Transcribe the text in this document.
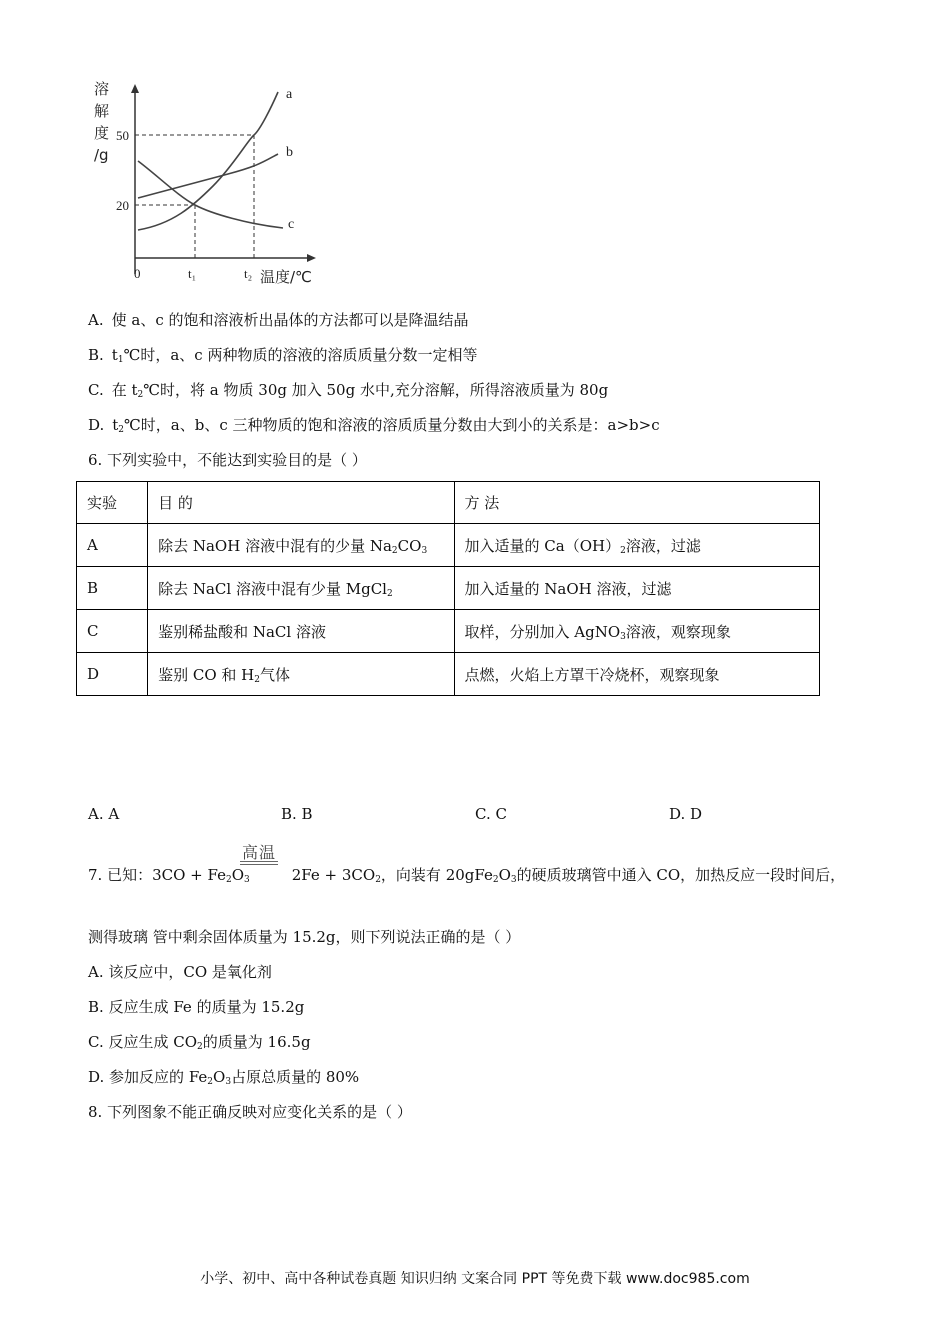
a
b
c
50
20
0	t₁	t₂ 温度/℃
溶
解
度
/g
A. 使 a、c 的饱和溶液析出晶体的方法都可以是降温结晶
B. $t_1℃$时，a、c 两种物质的溶液的溶质质量分数一定相等
C. 在 $t_2℃$时，将 a 物质 30g 加入 50g 水中,充分溶解，所得溶液质量为 80g
D. $t_2℃$时，a、b、c 三种物质的饱和溶液的溶质质量分数由大到小的关系是：a>b>c
6. 下列实验中，不能达到实验目的是（ ）
实验	目 的	方 法
A	除去 NaOH 溶液中混有的少量 $Na_2CO_3$	加入适量的 $Ca(OH)_2$溶液，过滤
B	除去 NaCl 溶液中混有少量 MgCl$_2$	加入适量的 NaOH 溶液，过滤
C	鉴别稀盐酸和 NaCl 溶液	取样，分别加入 AgNO$_3$溶液，观察现象
D	鉴别 CO 和 $H_2$气体	点燃，火焰上方罩干冷烧杯，观察现象
A. A	B. B	C. C	D. D
高温
7. 已知：$3CO + Fe_2O_3$	$2Fe + 3CO_2$，向装有 $20gFe_2O_3$的硬质玻璃管中通入 CO，加热反应一段时间后，
测得玻璃 管中剩余固体质量为 15.2g，则下列说法正确的是（ ）
A. 该反应中，CO 是氧化剂
B. 反应生成 Fe 的质量为 15.2g
C. 反应生成 $CO_2$的质量为 16.5g
D. 参加反应的 $Fe_2O_3$占原总质量的 80%
8. 下列图象不能正确反映对应变化关系的是（ ）
小学、初中、高中各种试卷真题 知识归纳 文案合同 PPT 等免费下载 www.doc985.com
